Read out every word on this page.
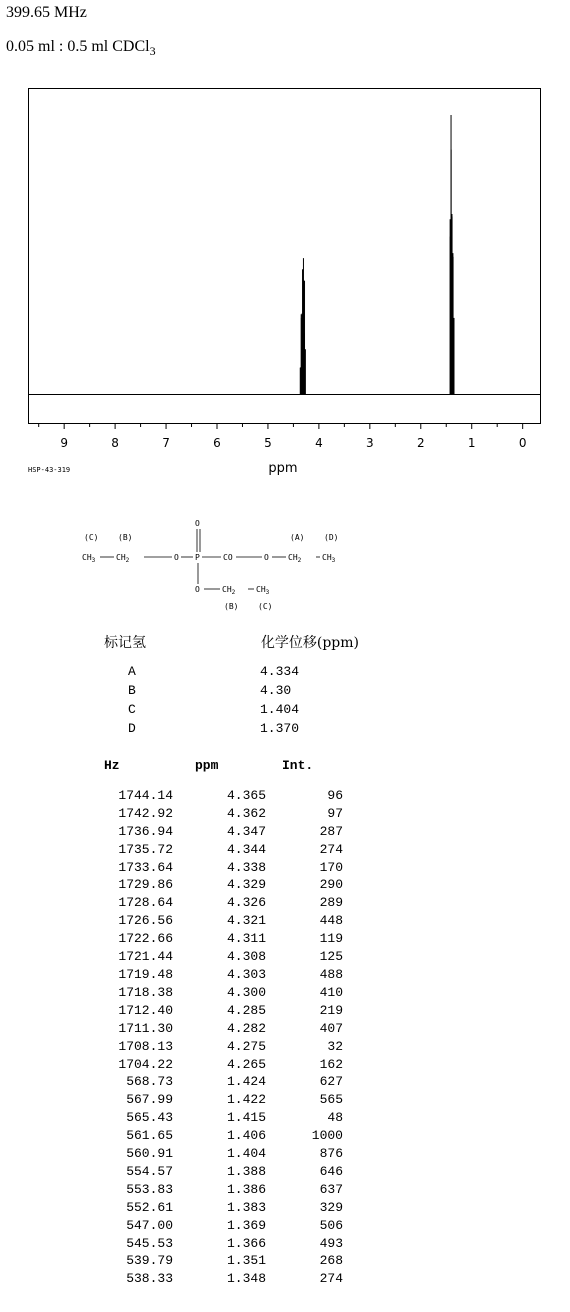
399.65 MHz
0.05 ml : 0.5 ml CDCl$_3$
9	8	7	6	5	4	3	2	1	0
ppm
HSP-43-319
(C) (B)	(A) (D)
(B) (C)
O
$CH_3$	$CH_2$	O P	CO	O $CH_2$	$CH_3$
O	$CH_2$	$CH_3$
标记氢	化学位移(ppm)
A	4.334
B	4.30
C	1.404
D	1.370
Hz	ppm	Int.
1744.14	4.365	96
1742.92	4.362	97
1736.94	4.347	287
1735.72	4.344	274
1733.64	4.338	170
1729.86	4.329	290
1728.64	4.326	289
1726.56	4.321	448
1722.66	4.311	119
1721.44	4.308	125
1719.48	4.303	488
1718.38	4.300	410
1712.40	4.285	219
1711.30	4.282	407
1708.13	4.275	32
1704.22	4.265	162
568.73	1.424	627
567.99	1.422	565
565.43	1.415	48
561.65	1.406	1000
560.91	1.404	876
554.57	1.388	646
553.83	1.386	637
552.61	1.383	329
547.00	1.369	506
545.53	1.366	493
539.79	1.351	268
538.33	1.348	274
